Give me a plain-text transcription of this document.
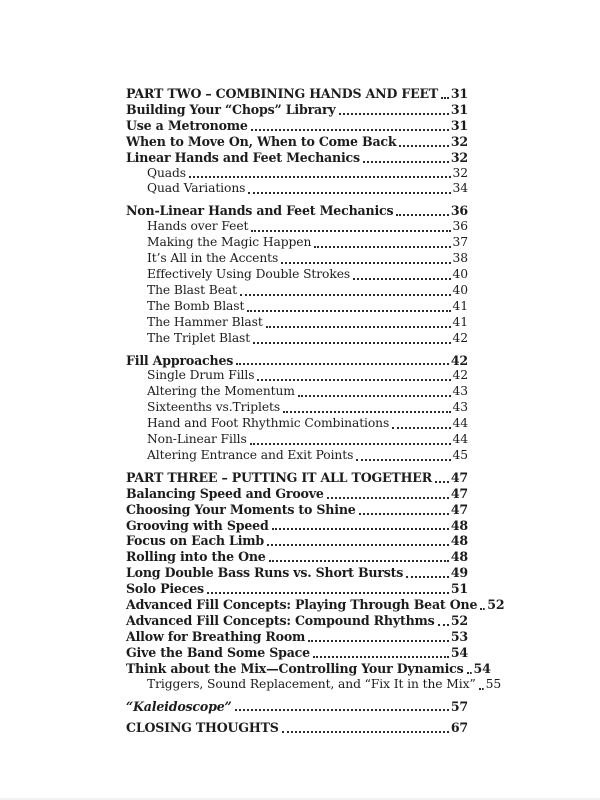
PART TWO – COMBINING HANDS AND FEET 31
Building Your “Chops” Library	31
Use a Metronome	31
When to Move On, When to Come Back	32
Linear Hands and Feet Mechanics	32
Quads	32
Quad Variations	34
Non-Linear Hands and Feet Mechanics	36
Hands over Feet	36
Making the Magic Happen	37
It’s All in the Accents	38
Effectively Using Double Strokes	40
The Blast Beat	40
The Bomb Blast	41
The Hammer Blast	41
The Triplet Blast	42
Fill Approaches	42
Single Drum Fills	42
Altering the Momentum	43
Sixteenths vs.Triplets	43
Hand and Foot Rhythmic Combinations	44
Non-Linear Fills	44
Altering Entrance and Exit Points	45
PART THREE – PUTTING IT ALL TOGETHER 47
Balancing Speed and Groove	47
Choosing Your Moments to Shine	47
Grooving with Speed	48
Focus on Each Limb	48
Rolling into the One	48
Long Double Bass Runs vs. Short Bursts	49
Solo Pieces	51
Advanced Fill Concepts: Playing Through Beat One 52
Advanced Fill Concepts: Compound Rhythms 52
Allow for Breathing Room	53
Give the Band Some Space	54
Think about the Mix—Controlling Your Dynamics 54
Triggers, Sound Replacement, and “Fix It in the Mix” 55
“Kaleidoscope”	57
CLOSING THOUGHTS	67
